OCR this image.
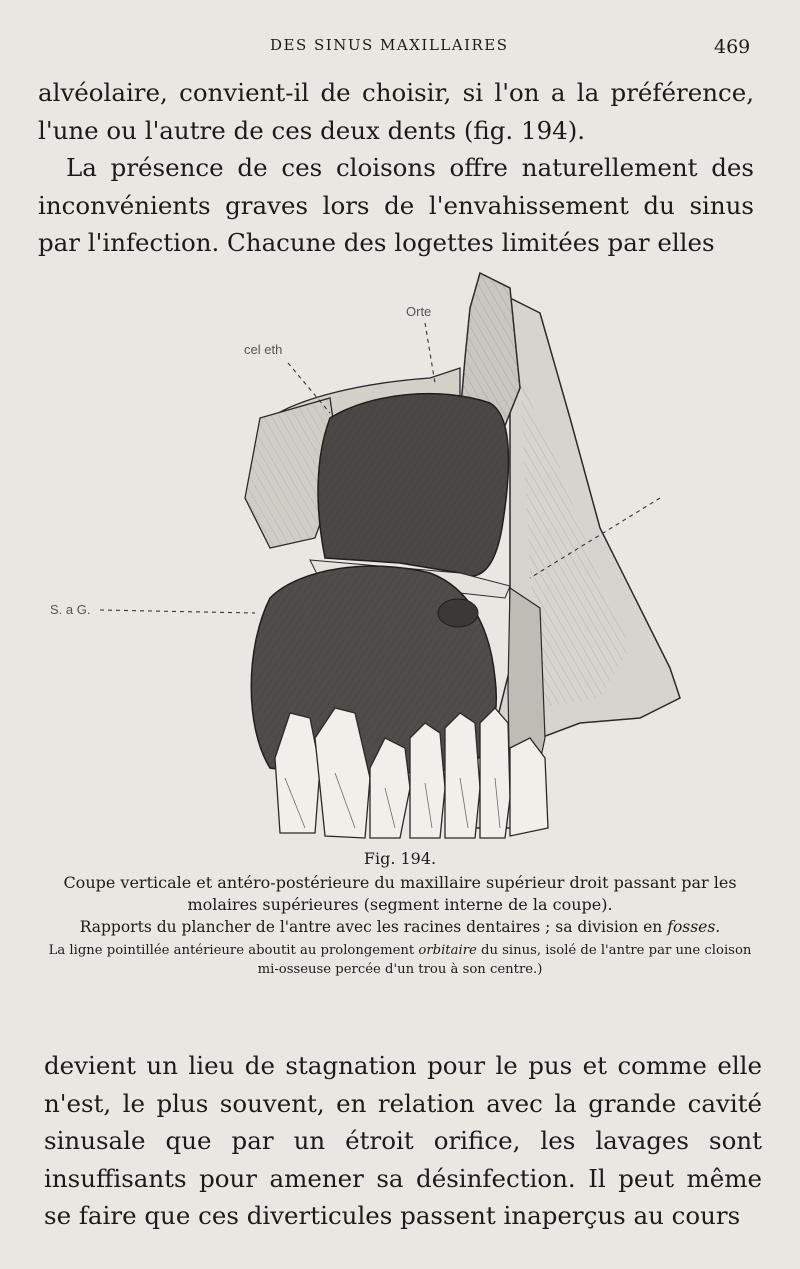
DES SINUS MAXILLAIRES	469

alvéolaire, convient-il de choisir, si l'on a la préférence, l'une ou l'autre de ces deux dents (fig. 194).

La présence de ces cloisons offre naturellement des inconvénients graves lors de l'envahissement du sinus par l'infection. Chacune des logettes limitées par elles

Orte
cel eth
S. a G.
Fig. 194.
Coupe verticale et antéro-postérieure du maxillaire supérieur droit passant par les molaires supérieures (segment interne de la coupe).
Rapports du plancher de l'antre avec les racines dentaires ; sa division en fosses.
La ligne pointillée antérieure aboutit au prolongement orbitaire du sinus, isolé de l'antre par une cloison mi-osseuse percée d'un trou à son centre.)

devient un lieu de stagnation pour le pus et comme elle n'est, le plus souvent, en relation avec la grande cavité sinusale que par un étroit orifice, les lavages sont insuffisants pour amener sa désinfection. Il peut même se faire que ces diverticules passent inaperçus au cours
